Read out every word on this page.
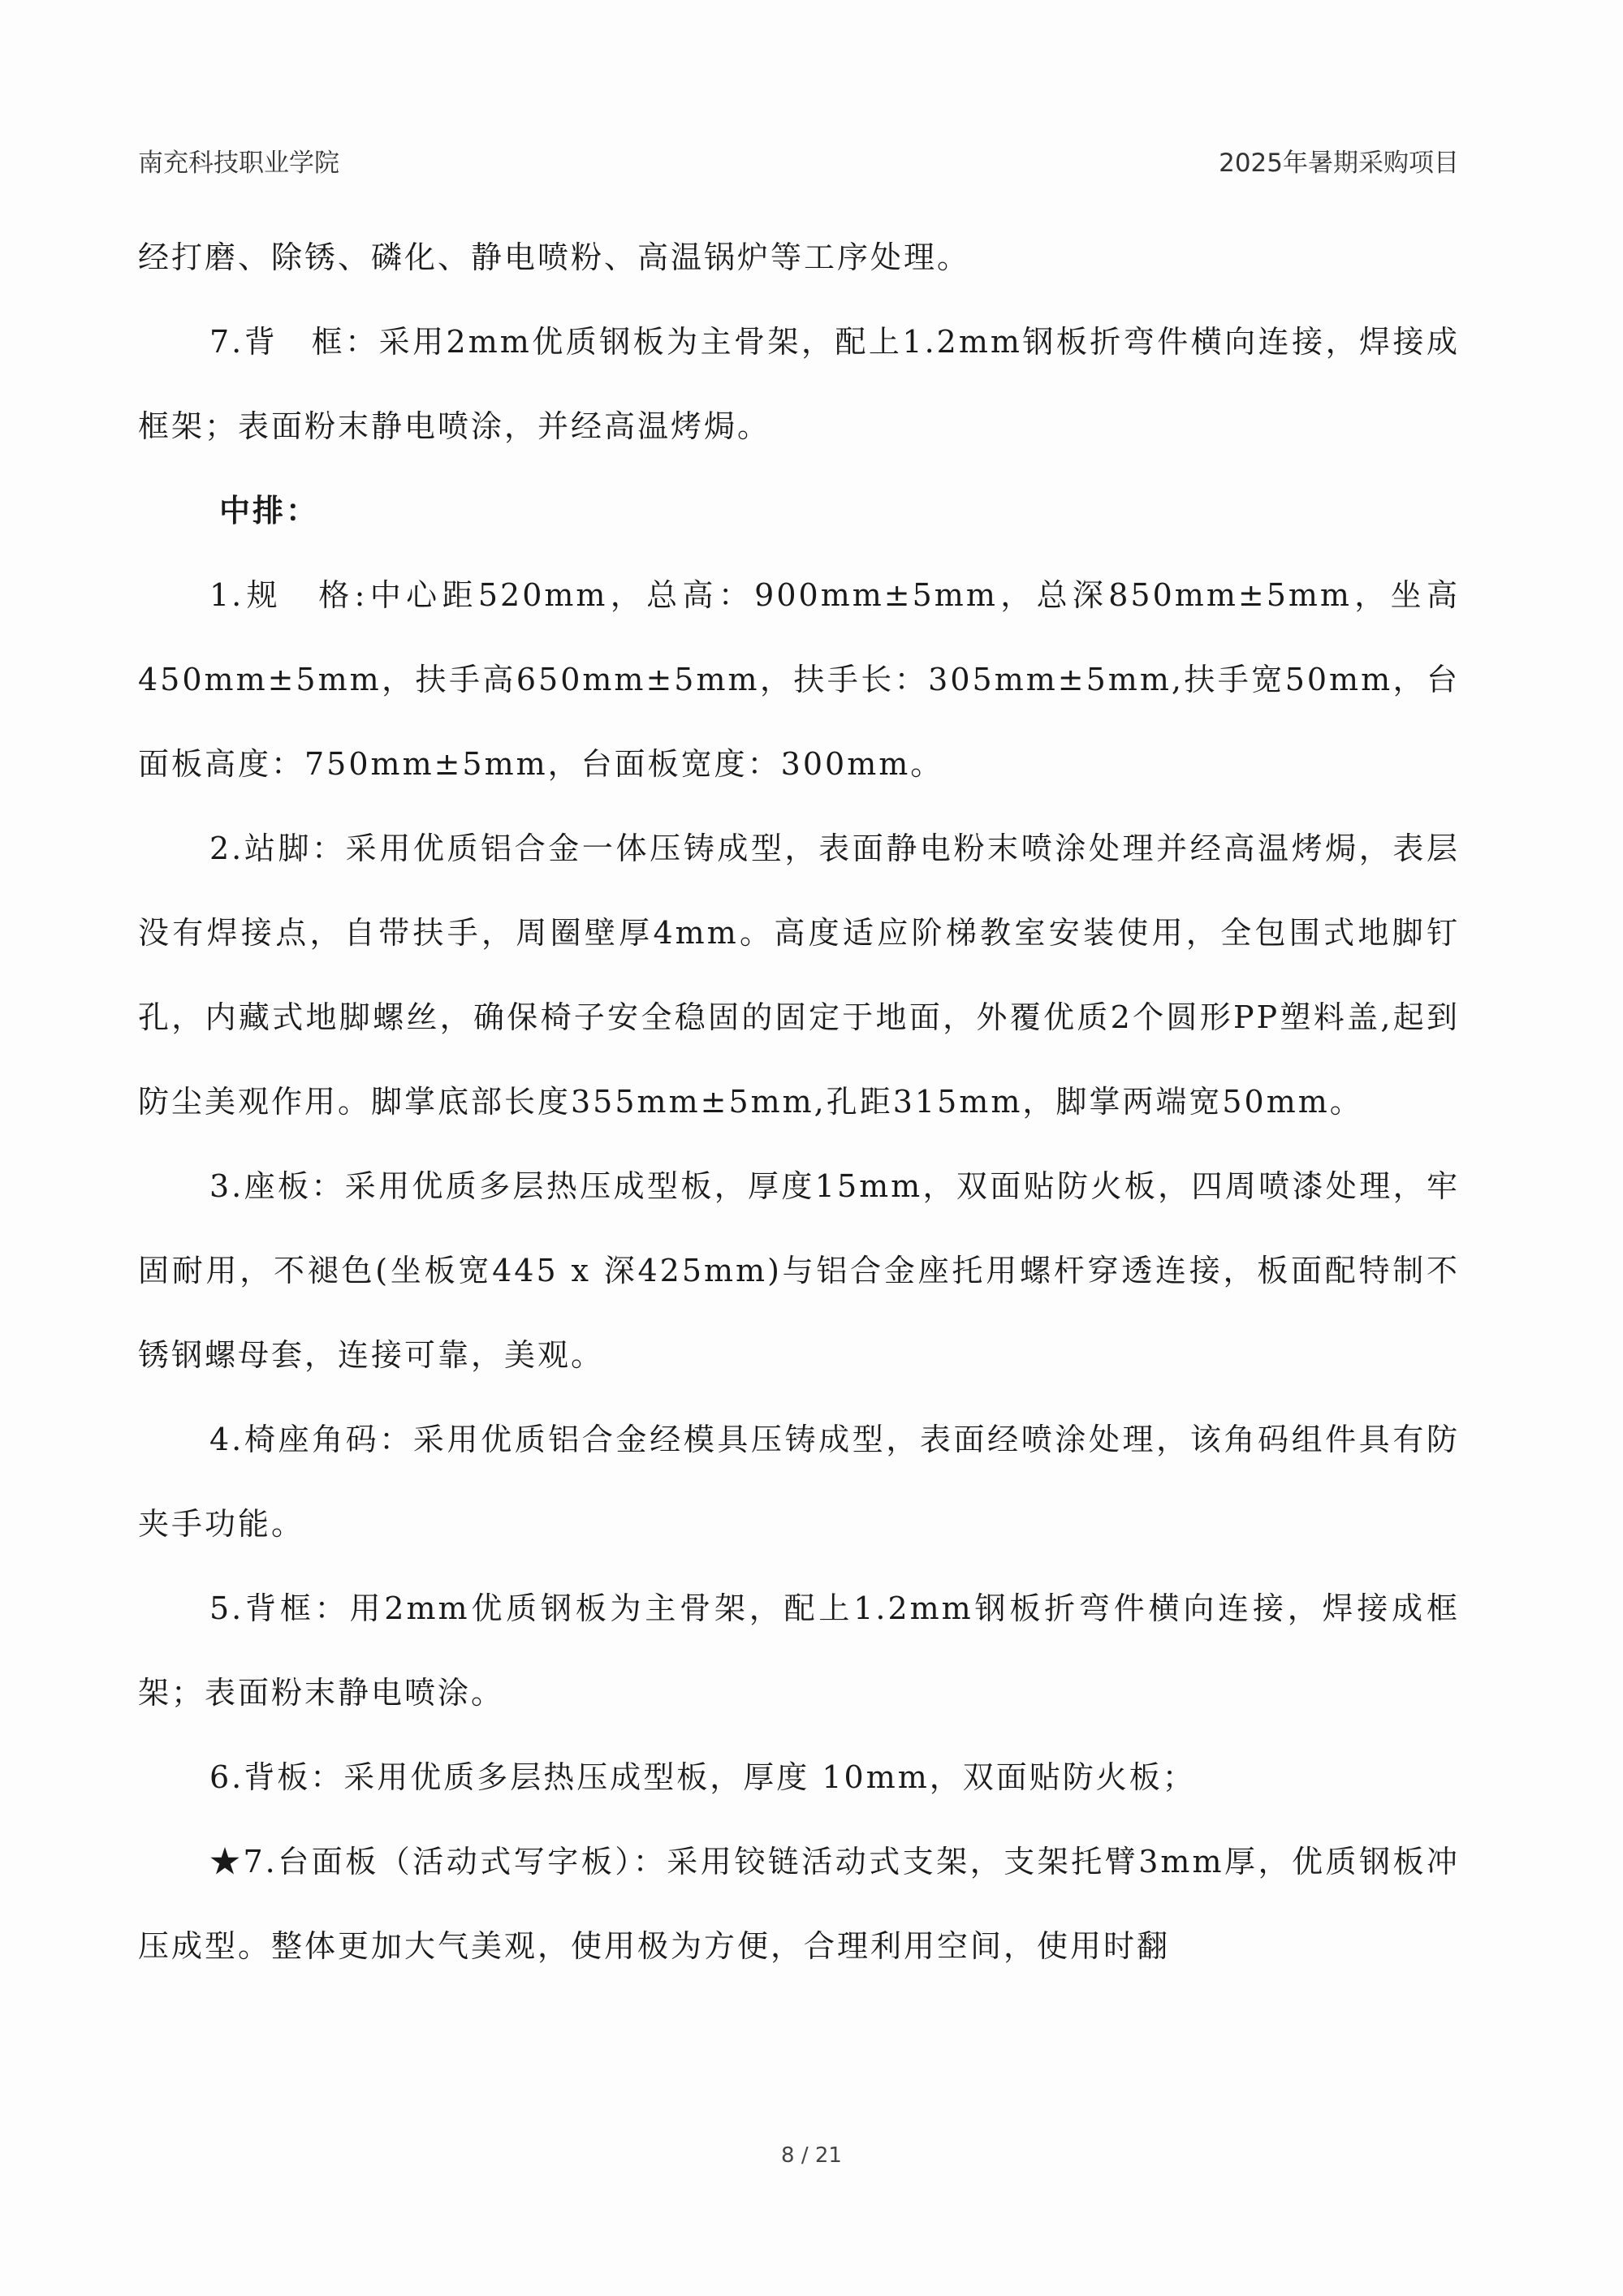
南充科技职业学院	2025年暑期采购项目

经打磨、除锈、磷化、静电喷粉、高温锅炉等工序处理。

7.背　框：采用2mm优质钢板为主骨架，配上1.2mm钢板折弯件横向连接，焊接成框架；表面粉末静电喷涂，并经高温烤焗。

中排：

1.规　格:中心距520mm，总高：900mm±5mm，总深850mm±5mm，坐高450mm±5mm，扶手高650mm±5mm，扶手长：305mm±5mm,扶手宽50mm，台面板高度：750mm±5mm，台面板宽度：300mm。

2.站脚：采用优质铝合金一体压铸成型，表面静电粉末喷涂处理并经高温烤焗，表层没有焊接点，自带扶手，周圈壁厚4mm。高度适应阶梯教室安装使用，全包围式地脚钉孔，内藏式地脚螺丝，确保椅子安全稳固的固定于地面，外覆优质2个圆形PP塑料盖,起到防尘美观作用。脚掌底部长度355mm±5mm,孔距315mm，脚掌两端宽50mm。

3.座板：采用优质多层热压成型板，厚度15mm，双面贴防火板，四周喷漆处理，牢固耐用，不褪色(坐板宽445 x 深425mm)与铝合金座托用螺杆穿透连接，板面配特制不锈钢螺母套，连接可靠，美观。

4.椅座角码：采用优质铝合金经模具压铸成型，表面经喷涂处理，该角码组件具有防夹手功能。

5.背框：用2mm优质钢板为主骨架，配上1.2mm钢板折弯件横向连接，焊接成框架；表面粉末静电喷涂。

6.背板：采用优质多层热压成型板，厚度 10mm，双面贴防火板；

★7.台面板（活动式写字板）：采用铰链活动式支架，支架托臂3mm厚，优质钢板冲压成型。整体更加大气美观，使用极为方便，合理利用空间，使用时翻

8 / 21
